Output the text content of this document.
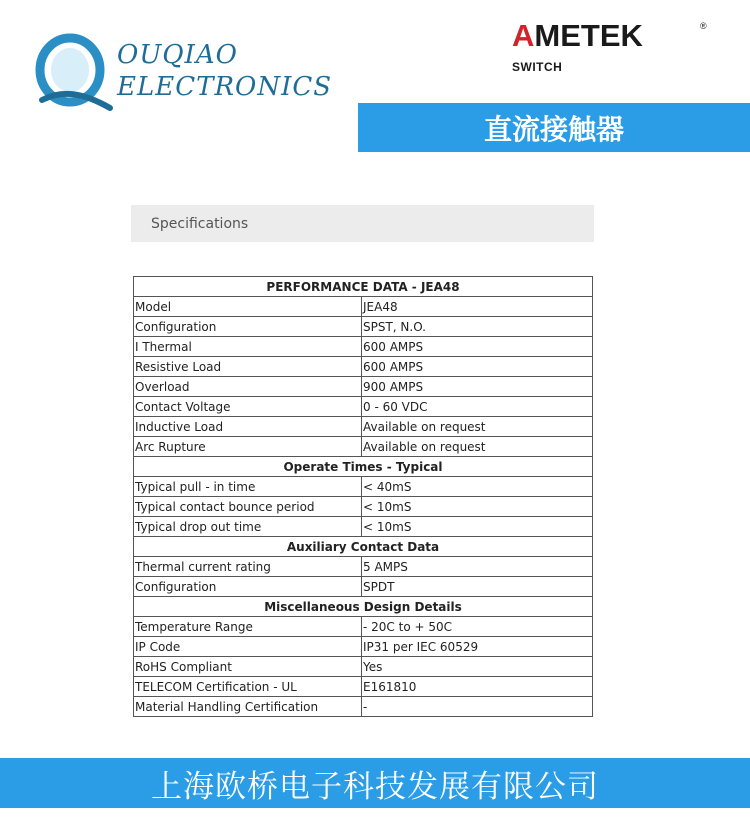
OUQIAO
ELECTRONICS
AMETEK	®
SWITCH
直流接触器
Specifications
PERFORMANCE DATA - JEA48	
Model	JEA48
Configuration	SPST, N.O.
I Thermal	600 AMPS
Resistive Load	600 AMPS
Overload	900 AMPS
Contact Voltage	0 - 60 VDC
Inductive Load	Available on request
Arc Rupture	Available on request
Operate Times - Typical	
Typical pull - in time	< 40mS
Typical contact bounce period	< 10mS
Typical drop out time	< 10mS
Auxiliary Contact Data	
Thermal current rating	5 AMPS
Configuration	SPDT
Miscellaneous Design Details	
Temperature Range	- 20C to + 50C
IP Code	IP31 per IEC 60529
RoHS Compliant	Yes
TELECOM Certification - UL	E161810
Material Handling Certification	-
上海欧桥电子科技发展有限公司
